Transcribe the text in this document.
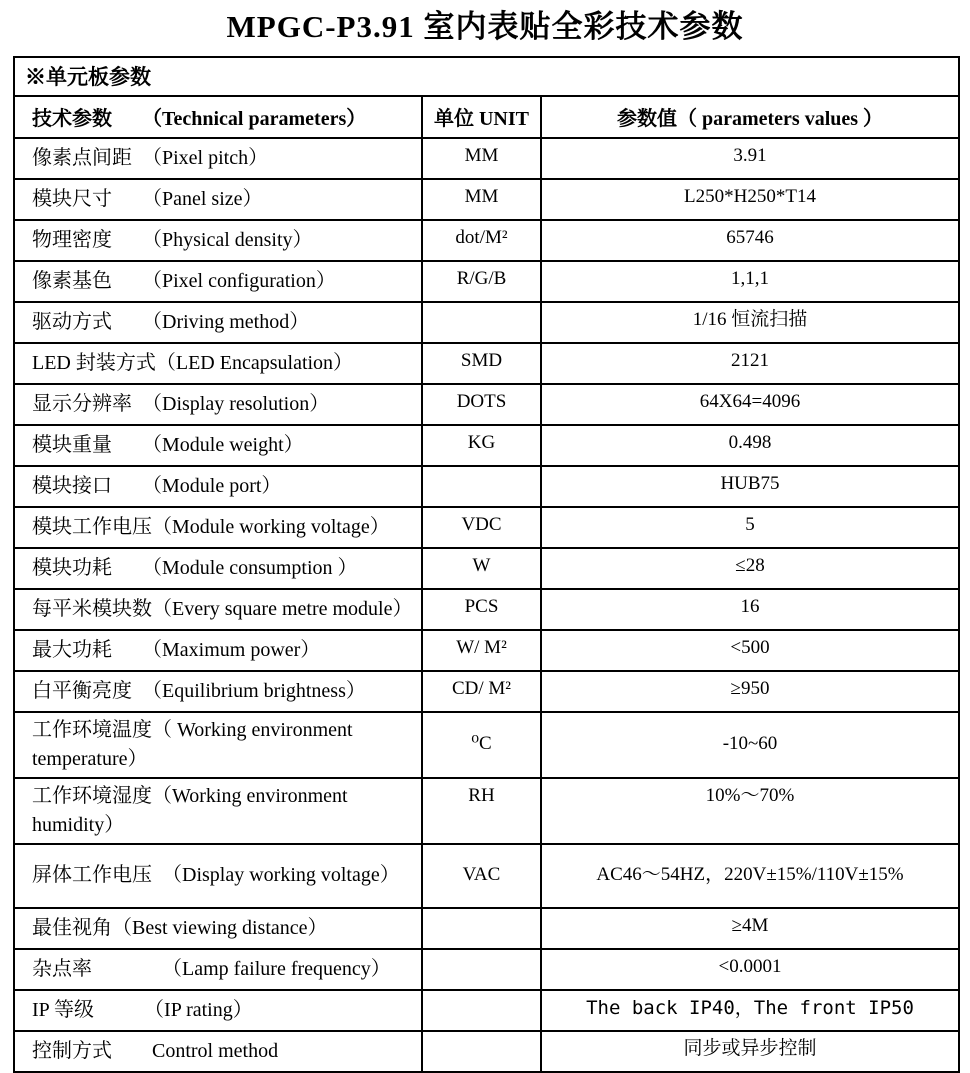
MPGC-P3.91 室内表贴全彩技术参数
※单元板参数		
技术参数　　（Technical parameters）	单位 UNIT	参数值（ parameters values ）
像素点间距　（Pixel pitch）	MM	3.91
模块尺寸　　（Panel size）	MM	L250*H250*T14
物理密度　　（Physical density）	dot/M²	65746
像素基色　　（Pixel configuration）	R/G/B	1,1,1
驱动方式　　（Driving method）		1/16 恒流扫描
LED 封装方式（LED Encapsulation）	SMD	2121
显示分辨率　（Display resolution）	DOTS	64X64=4096
模块重量　　（Module weight）	KG	0.498
模块接口　　（Module port）		HUB75
模块工作电压（Module working voltage）	VDC	5
模块功耗　　（Module consumption ）	W	≤28
每平米模块数（Every square metre module）	PCS	16
最大功耗　　（Maximum power）	W/ M²	<500
白平衡亮度　（Equilibrium brightness）	CD/ M²	≥950
工作环境温度（ Working environment temperature）	⁰C	-10~60
工作环境湿度（Working environment humidity）	RH	10%～70%
屏体工作电压　（Display working voltage）	VAC	AC46～54HZ，220V±15%/110V±15%
最佳视角（Best viewing distance）		≥4M
杂点率　　　　（Lamp failure frequency）		<0.0001
IP 等级　　　（IP rating）		The back IP40，The front IP50
控制方式　　Control method		同步或异步控制
